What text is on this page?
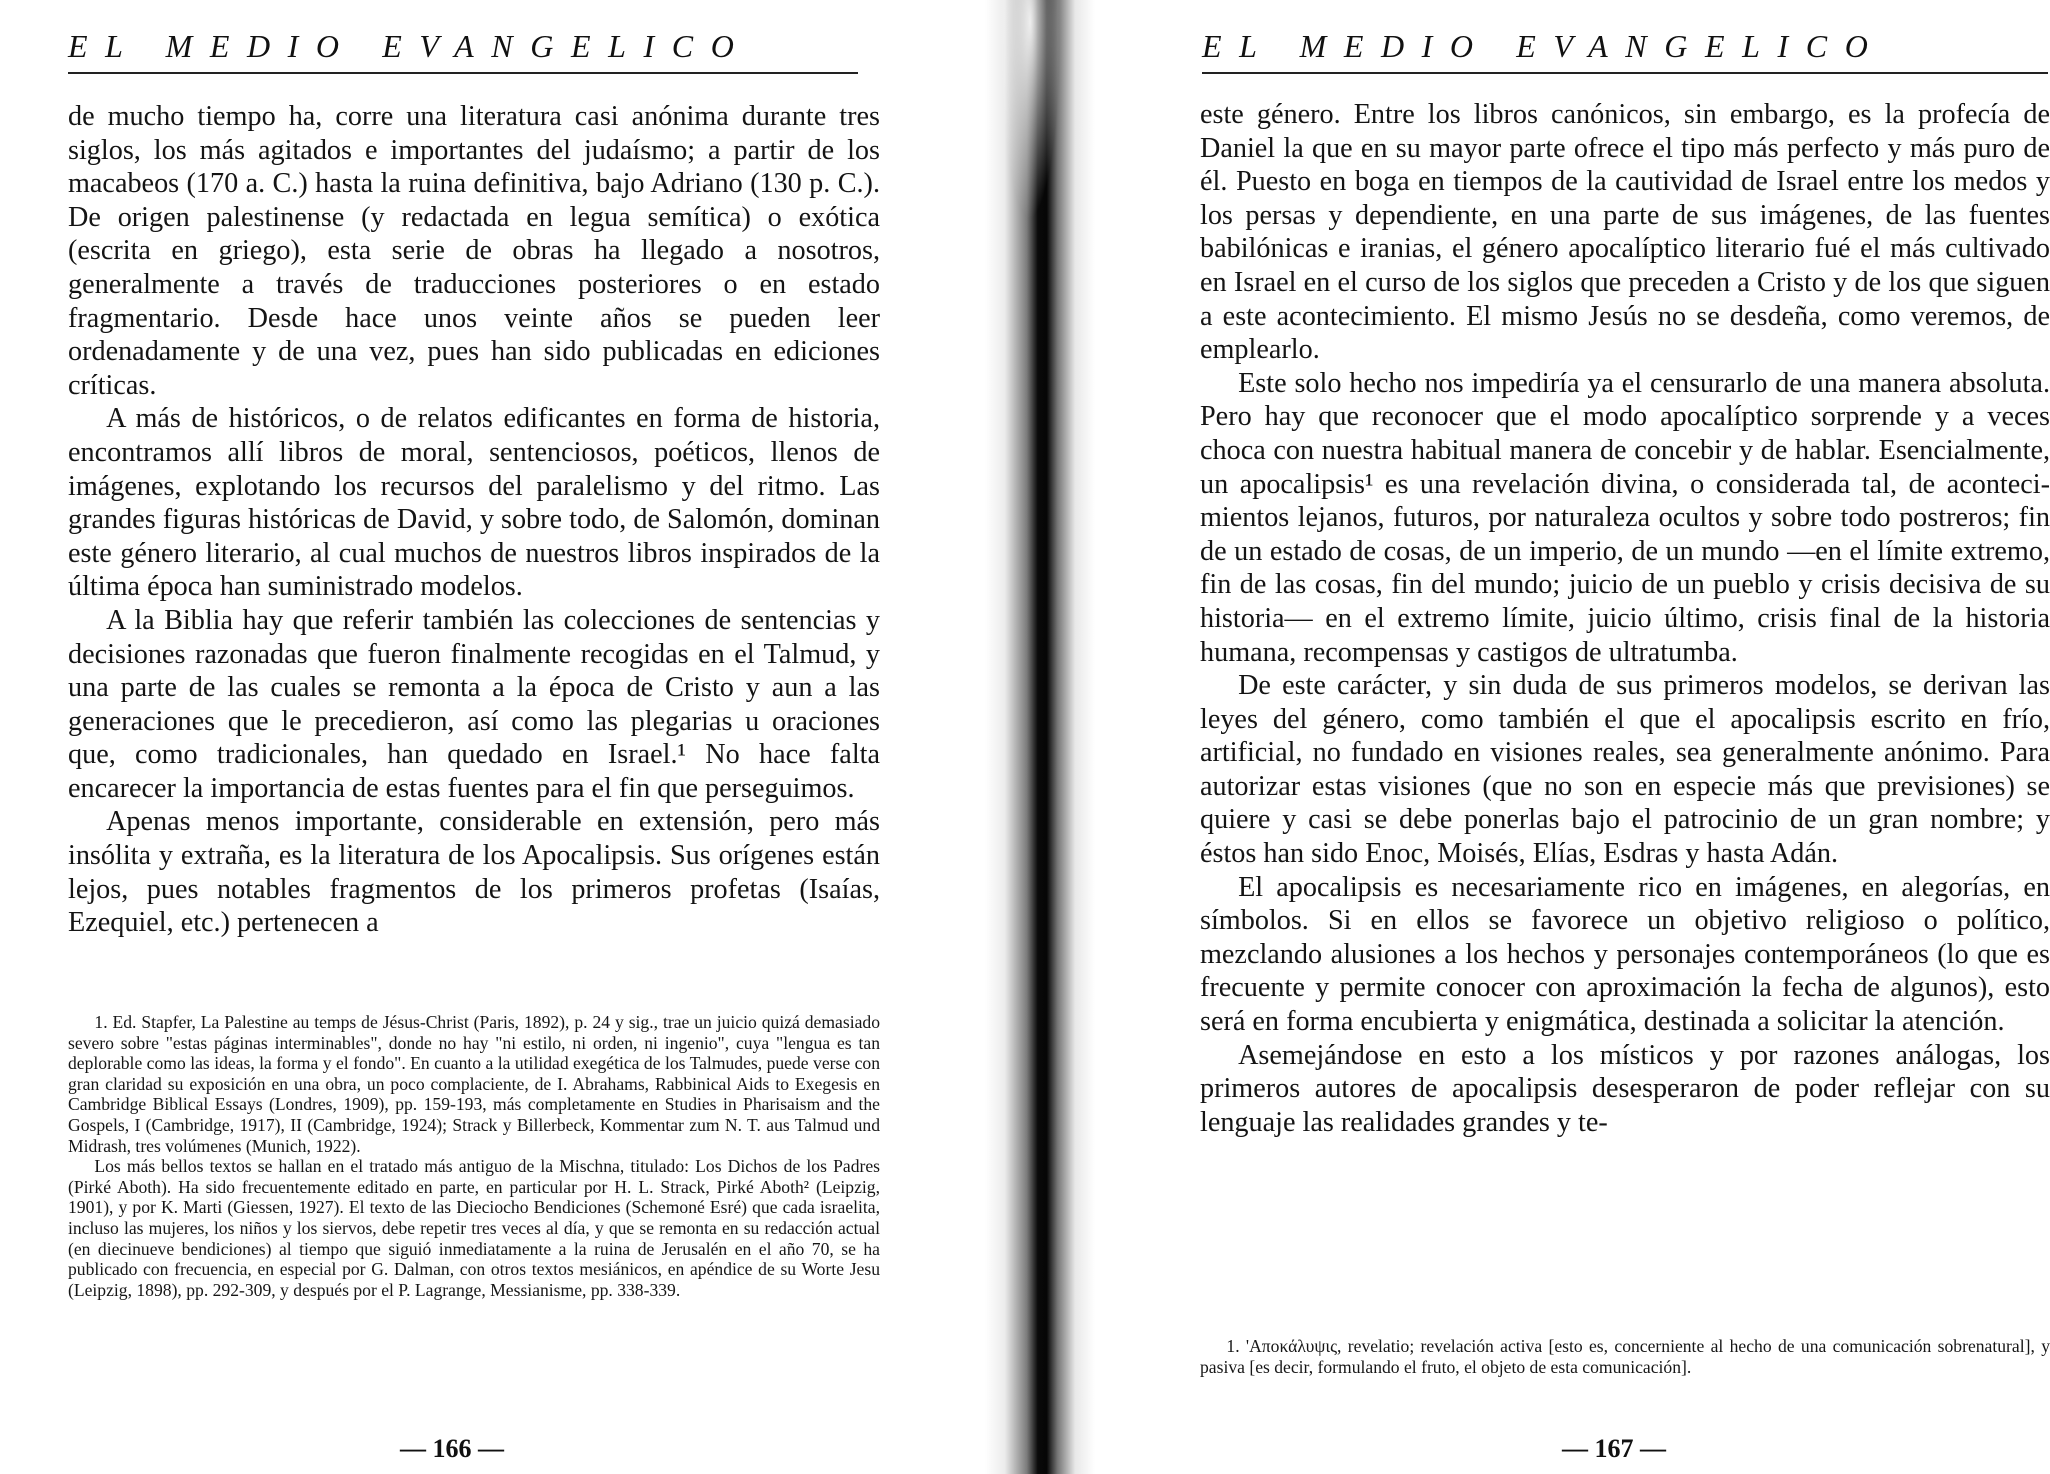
EL MEDIO EVANGELICO

de mucho tiempo ha, corre una literatura casi anónima durante tres siglos, los más agitados e importantes del judaísmo; a partir de los macabeos (170 a. C.) hasta la ruina definitiva, bajo Adriano (130 p. C.). De origen palestinense (y redactada en legua semítica) o exótica (escrita en griego), esta serie de obras ha llegado a nosotros, generalmente a través de traducciones posteriores o en estado fragmentario. Desde hace unos veinte años se pueden leer ordenadamente y de una vez, pues han sido publicadas en ediciones críticas.

A más de históricos, o de relatos edificantes en forma de historia, encontramos allí libros de moral, sentenciosos, poéticos, llenos de imágenes, explotando los recursos del paralelismo y del ritmo. Las grandes figuras históricas de David, y sobre todo, de Salomón, dominan este género literario, al cual muchos de nuestros libros inspirados de la última época han suministrado modelos.

A la Biblia hay que referir también las colecciones de sentencias y decisiones razonadas que fueron finalmente recogidas en el Talmud, y una parte de las cuales se remonta a la época de Cristo y aun a las generaciones que le precedieron, así como las plegarias u oraciones que, como tradicionales, han quedado en Israel.¹ No hace falta encarecer la importancia de estas fuentes para el fin que perseguimos.

Apenas menos importante, considerable en extensión, pero más insólita y extraña, es la literatura de los Apocalipsis. Sus orígenes están lejos, pues notables fragmentos de los primeros profetas (Isaías, Ezequiel, etc.) pertenecen a

1. Ed. Stapfer, La Palestine au temps de Jésus-Christ (Paris, 1892), p. 24 y sig., trae un juicio quizá demasiado severo sobre "estas páginas interminables", donde no hay "ni estilo, ni orden, ni ingenio", cuya "lengua es tan deplorable como las ideas, la forma y el fondo". En cuanto a la utilidad exegética de los Talmudes, puede verse con gran claridad su exposición en una obra, un poco complaciente, de I. Abrahams, Rabbinical Aids to Exegesis en Cambridge Biblical Essays (Londres, 1909), pp. 159-193, más completamente en Studies in Pharisaism and the Gospels, I (Cambridge, 1917), II (Cambridge, 1924); Strack y Billerbeck, Kommentar zum N. T. aus Talmud und Midrash, tres volúmenes (Munich, 1922).

Los más bellos textos se hallan en el tratado más antiguo de la Mischna, titulado: Los Dichos de los Padres (Pirké Aboth). Ha sido frecuentemente editado en parte, en particular por H. L. Strack, Pirké Aboth² (Leipzig, 1901), y por K. Marti (Giessen, 1927). El texto de las Dieciocho Bendiciones (Schemoné Esré) que cada israelita, incluso las mujeres, los niños y los siervos, debe repetir tres veces al día, y que se remonta en su redacción actual (en diecinueve bendiciones) al tiempo que siguió inmediatamente a la ruina de Jerusalén en el año 70, se ha publicado con frecuencia, en especial por G. Dalman, con otros textos mesiánicos, en apéndice de su Worte Jesu (Leipzig, 1898), pp. 292-309, y después por el P. Lagrange, Messianisme, pp. 338-339.

— 166 —
EL MEDIO EVANGELICO

este género. Entre los libros canónicos, sin embargo, es la profecía de Daniel la que en su mayor parte ofrece el tipo más perfecto y más puro de él. Puesto en boga en tiempos de la cautividad de Israel entre los medos y los persas y dependiente, en una parte de sus imágenes, de las fuentes babilónicas e iranias, el género apocalíptico literario fué el más cultivado en Israel en el curso de los siglos que preceden a Cristo y de los que siguen a este acontecimiento. El mismo Jesús no se desdeña, como veremos, de emplearlo.

Este solo hecho nos impediría ya el censurarlo de una manera absoluta. Pero hay que reconocer que el modo apocalíptico sorprende y a veces choca con nuestra habitual manera de concebir y de hablar. Esencialmente, un apocalipsis¹ es una revelación divina, o considerada tal, de acontecimientos lejanos, futuros, por naturaleza ocultos y sobre todo postreros; fin de un estado de cosas, de un imperio, de un mundo —en el límite extremo, fin de las cosas, fin del mundo; juicio de un pueblo y crisis decisiva de su historia— en el extremo límite, juicio último, crisis final de la historia humana, recompensas y castigos de ultratumba.

De este carácter, y sin duda de sus primeros modelos, se derivan las leyes del género, como también el que el apocalipsis escrito en frío, artificial, no fundado en visiones reales, sea generalmente anónimo. Para autorizar estas visiones (que no son en especie más que previsiones) se quiere y casi se debe ponerlas bajo el patrocinio de un gran nombre; y éstos han sido Enoc, Moisés, Elías, Esdras y hasta Adán.

El apocalipsis es necesariamente rico en imágenes, en alegorías, en símbolos. Si en ellos se favorece un objetivo religioso o político, mezclando alusiones a los hechos y personajes contemporáneos (lo que es frecuente y permite conocer con aproximación la fecha de algunos), esto será en forma encubierta y enigmática, destinada a solicitar la atención.

Asemejándose en esto a los místicos y por razones análogas, los primeros autores de apocalipsis desesperaron de poder reflejar con su lenguaje las realidades grandes y te-

1. 'Αποκάλυψις, revelatio; revelación activa [esto es, concerniente al hecho de una comunicación sobrenatural], y pasiva [es decir, formulando el fruto, el objeto de esta comunicación].

— 167 —
